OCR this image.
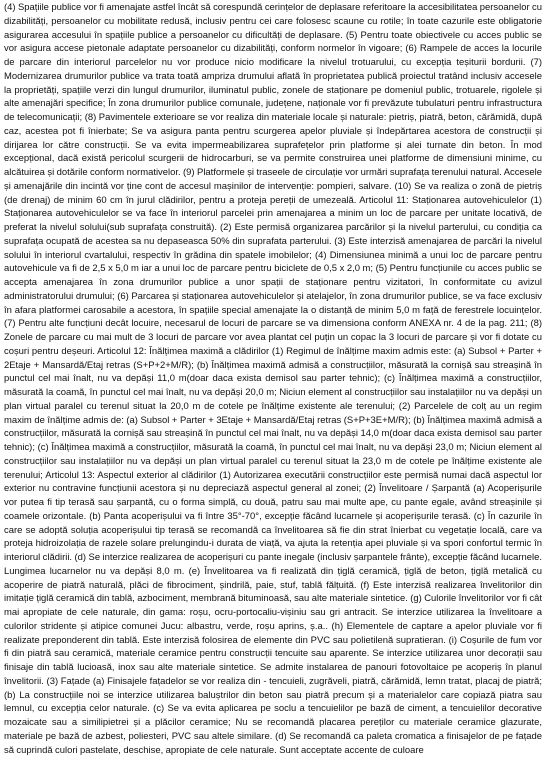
(4) Spațiile publice vor fi amenajate astfel încât să corespundă cerințelor de deplasare referitoare la accesibilitatea persoanelor cu dizabilități, persoanelor cu mobilitate redusă, inclusiv pentru cei care folosesc scaune cu rotile; în toate cazurile este obligatorie asigurarea accesului în spațiile publice a persoanelor cu dificultăți de deplasare. (5) Pentru toate obiectivele cu acces public se vor asigura accese pietonale adaptate persoanelor cu dizabilități, conform normelor în vigoare; (6) Rampele de acces la locurile de parcare din interiorul parcelelor nu vor produce nicio modificare la nivelul trotuarului, cu excepția teșiturii bordurii. (7) Modernizarea drumurilor publice va trata toată ampriza drumului aflată în proprietatea publică proiectul tratând inclusiv accesele la proprietăți, spațiile verzi din lungul drumurilor, iluminatul public, zonele de staționare pe domeniul public, trotuarele, rigolele și alte amenajări specifice; În zona drumurilor publice comunale, județene, naționale vor fi prevăzute tubulaturi pentru infrastructura de telecomunicații; (8) Pavimentele exterioare se vor realiza din materiale locale și naturale: pietriș, piatră, beton, cărămidă, după caz, acestea pot fi înierbate; Se va asigura panta pentru scurgerea apelor pluviale și îndepărtarea acestora de construcții și dirijarea lor către construcții. Se va evita impermeabilizarea suprafețelor prin platforme și alei turnate din beton. În mod excepțional, dacă există pericolul scurgerii de hidrocarburi, se va permite construirea unei platforme de dimensiuni minime, cu alcătuirea și dotările conform normativelor. (9) Platformele și traseele de circulație vor urmări suprafața terenului natural. Accesele și amenajările din incintă vor ține cont de accesul mașinilor de intervenție: pompieri, salvare. (10) Se va realiza o zonă de pietriș (de drenaj) de minim 60 cm în jurul clădirilor, pentru a proteja pereții de umezeală. Articolul 11: Staționarea autovehiculelor (1) Staționarea autovehiculelor se va face în interiorul parcelei prin amenajarea a minim un loc de parcare per unitate locativă, de preferat la nivelul solului(sub suprafața construită). (2) Este permisă organizarea parcărilor și la nivelul parterului, cu condiția ca suprafața ocupată de acestea sa nu depaseasca 50% din suprafata parterului. (3) Este interzisă amenajarea de parcări la nivelul solului în interiorul cvartalului, respectiv în grădina din spatele imobilelor; (4) Dimensiunea minimă a unui loc de parcare pentru autovehicule va fi de 2,5 x 5,0 m iar a unui loc de parcare pentru biciclete de 0,5 x 2,0 m; (5) Pentru funcțiunile cu acces public se accepta amenajarea în zona drumurilor publice a unor spații de staționare pentru vizitatori, în conformitate cu avizul administratorului drumului; (6) Parcarea și staționarea autovehiculelor și atelajelor, în zona drumurilor publice, se va face exclusiv în afara platformei carosabile a acestora, în spațiile special amenajate la o distanță de minim 5,0 m față de ferestrele locuințelor. (7) Pentru alte funcțiuni decât locuire, necesarul de locuri de parcare se va dimensiona conform ANEXA nr. 4 de la pag. 211; (8) Zonele de parcare cu mai mult de 3 locuri de parcare vor avea plantat cel puțin un copac la 3 locuri de parcare și vor fi dotate cu coșuri pentru deșeuri. Articolul 12: Înălțimea maximă a clădirilor (1) Regimul de înălțime maxim admis este: (a) Subsol + Parter + 2Etaje + Mansardă/Etaj retras (S+P+2+M/R); (b) Înălțimea maximă admisă a construcțiilor, măsurată la cornișă sau streașină în punctul cel mai înalt, nu va depăși 11,0 m(doar daca exista demisol sau parter tehnic); (c) Înălțimea maximă a construcțiilor, măsurată la coamă, în punctul cel mai înalt, nu va depăși 20,0 m; Niciun element al construcțiilor sau instalațiilor nu va depăși un plan virtual paralel cu terenul situat la 20,0 m de cotele pe înălțime existente ale terenului; (2) Parcelele de colț au un regim maxim de înălțime admis de: (a) Subsol + Parter + 3Etaje + Mansardă/Etaj retras (S+P+3E+M/R); (b) Înălțimea maximă admisă a construcțiilor, măsurată la cornișă sau streașină în punctul cel mai înalt, nu va depăși 14,0 m(doar daca exista demisol sau parter tehnic); (c) Înălțimea maximă a construcțiilor, măsurată la coamă, în punctul cel mai înalt, nu va depăși 23,0 m; Niciun element al construcțiilor sau instalațiilor nu va depăși un plan virtual paralel cu terenul situat la 23,0 m de cotele pe înălțime existente ale terenului; Articolul 13: Aspectul exterior al clădirilor (1) Autorizarea executării construcțiilor este permisă numai dacă aspectul lor exterior nu contravine funcțiunii acestora și nu depreciază aspectul general al zonei; (2) Învelitoare / Șarpantă (a) Acoperișurile vor putea fi tip terasă sau șarpantă, cu o forma simplă, cu două, patru sau mai multe ape, cu pante egale, având streașinile și coamele orizontale. (b) Panta acoperișului va fi între 35°-70°, excepție făcând lucarnele și acoperișurile terasă. (c) În cazurile în care se adoptă soluția acoperișului tip terasă se recomandă ca învelitoarea să fie din strat înierbat cu vegetație locală, care va proteja hidroizolația de razele solare prelungindu-i durata de viață, va ajuta la retenția apei pluviale și va spori confortul termic în interiorul clădirii. (d) Se interzice realizarea de acoperișuri cu pante inegale (inclusiv șarpantele frânte), excepție făcând lucarnele. Lungimea lucarnelor nu va depăși 8,0 m. (e) Învelitoarea va fi realizată din țiglă ceramică, țiglă de beton, țiglă metalică cu acoperire de piatră naturală, plăci de fibrociment, șindrilă, paie, stuf, tablă fălțuită. (f) Este interzisă realizarea învelitorilor din imitație țiglă ceramică din tablă, azbociment, membrană bituminoasă, sau alte materiale sintetice. (g) Culorile învelitorilor vor fi cât mai apropiate de cele naturale, din gama: roșu, ocru-portocaliu-vișiniu sau gri antracit. Se interzice utilizarea la învelitoare a culorilor stridente și atipice comunei Jucu: albastru, verde, roșu aprins, ș.a.. (h) Elementele de captare a apelor pluviale vor fi realizate preponderent din tablă. Este interzisă folosirea de elemente din PVC sau polietilenă supratieran. (i) Coșurile de fum vor fi din piatră sau ceramică, materiale ceramice pentru construcții tencuite sau aparente. Se interzice utilizarea unor decorații sau finisaje din tablă lucioasă, inox sau alte materiale sintetice. Se admite instalarea de panouri fotovoltaice pe acoperiș în planul învelitorii. (3) Fațade (a) Finisajele fațadelor se vor realiza din - tencuieli, zugrăveli, piatră, cărămidă, lemn tratat, placaj de piatră; (b) La construcțiile noi se interzice utilizarea baluștrilor din beton sau piatră precum și a materialelor care copiază piatra sau lemnul, cu excepția celor naturale. (c) Se va evita aplicarea pe soclu a tencuielilor pe bază de ciment, a tencuielilor decorative mozaicate sau a similipietrei și a plăcilor ceramice; Nu se recomandă placarea pereților cu materiale ceramice glazurate, materiale pe bază de azbest, poliesteri, PVC sau altele similare. (d) Se recomandă ca paleta cromatica a finisajelor de pe fațade să cuprindă culori pastelate, deschise, apropiate de cele naturale. Sunt acceptate accente de culoare
